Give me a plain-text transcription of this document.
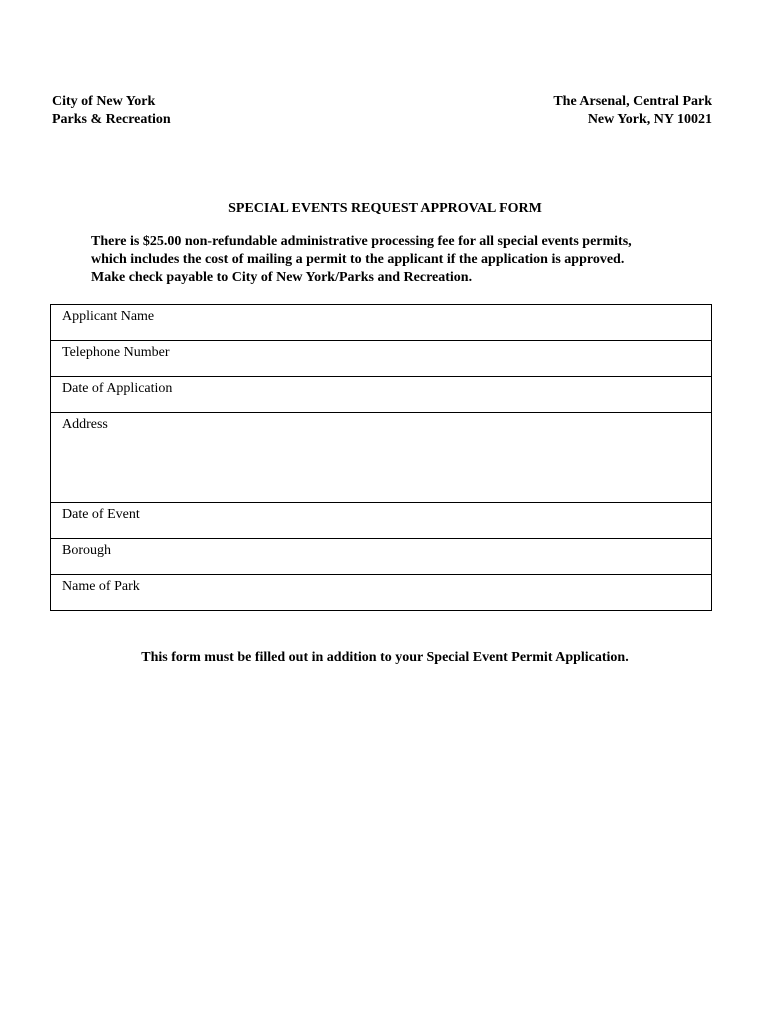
City of New York
Parks & Recreation
The Arsenal, Central Park
New York, NY 10021
SPECIAL EVENTS REQUEST APPROVAL FORM
There is $25.00 non-refundable administrative processing fee for all special events permits,
which includes the cost of mailing a permit to the applicant if the application is approved.
Make check payable to City of New York/Parks and Recreation.
Applicant Name
Telephone Number
Date of Application
Address
Date of Event
Borough
Name of Park
This form must be filled out in addition to your Special Event Permit Application.
